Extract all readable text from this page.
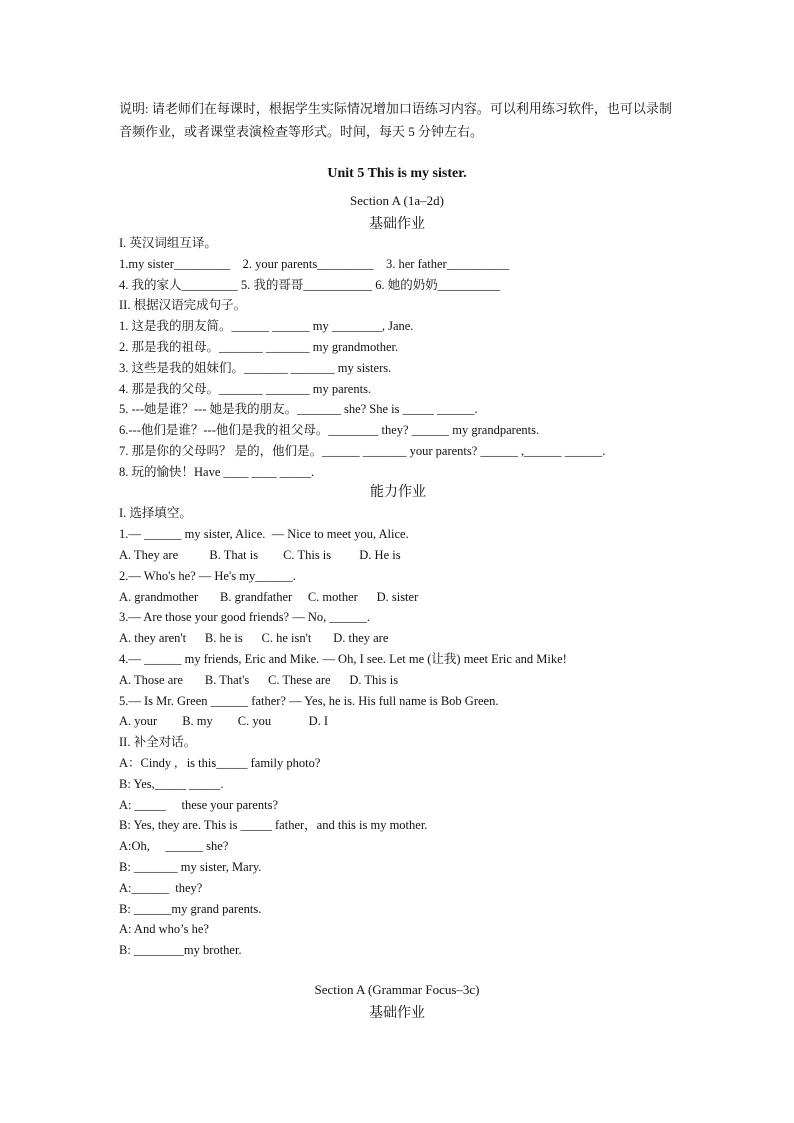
说明: 请老师们在每课时，根据学生实际情况增加口语练习内容。可以利用练习软件，也可以录制音频作业，或者课堂表演检查等形式。时间，每天 5 分钟左右。

Unit 5 This is my sister.

Section A (1a–2d)

基础作业

I. 英汉词组互译。
1.my sister_________    2. your parents_________    3. her father__________
4. 我的家人_________ 5. 我的哥哥___________ 6. 她的奶奶__________
II. 根据汉语完成句子。
1. 这是我的朋友简。______ ______ my ________, Jane.
2. 那是我的祖母。_______ _______ my grandmother.
3. 这些是我的姐妹们。_______ _______ my sisters.
4. 那是我的父母。_______ _______ my parents.
5. ---她是谁？--- 她是我的朋友。_______ she? She is _____ ______.
6.---他们是谁？---他们是我的祖父母。________ they? ______ my grandparents.
7. 那是你的父母吗？ 是的，他们是。______ _______ your parents? ______ ,______ ______.
8. 玩的愉快！Have ____ ____ _____.
能力作业
I. 选择填空。
1.— ______ my sister, Alice.  — Nice to meet you, Alice.
A. They are          B. That is        C. This is         D. He is
2.— Who's he? — He's my______.
A. grandmother       B. grandfather     C. mother      D. sister
3.— Are those your good friends? — No, ______.
A. they aren't      B. he is      C. he isn't       D. they are
4.— ______ my friends, Eric and Mike. — Oh, I see. Let me (让我) meet Eric and Mike!
A. Those are       B. That's      C. These are      D. This is
5.— Is Mr. Green ______ father? — Yes, he is. His full name is Bob Green.
A. your        B. my        C. you            D. I
II. 补全对话。
A：Cindy ,   is this_____ family photo?
B: Yes,_____ _____.
A: _____     these your parents?
B: Yes, they are. This is _____ father，and this is my mother.
A:Oh,     ______ she?
B: _______ my sister, Mary.
A:______  they?
B: ______my grand parents.
A: And who’s he?
B: ________my brother.

Section A (Grammar Focus–3c)

基础作业
